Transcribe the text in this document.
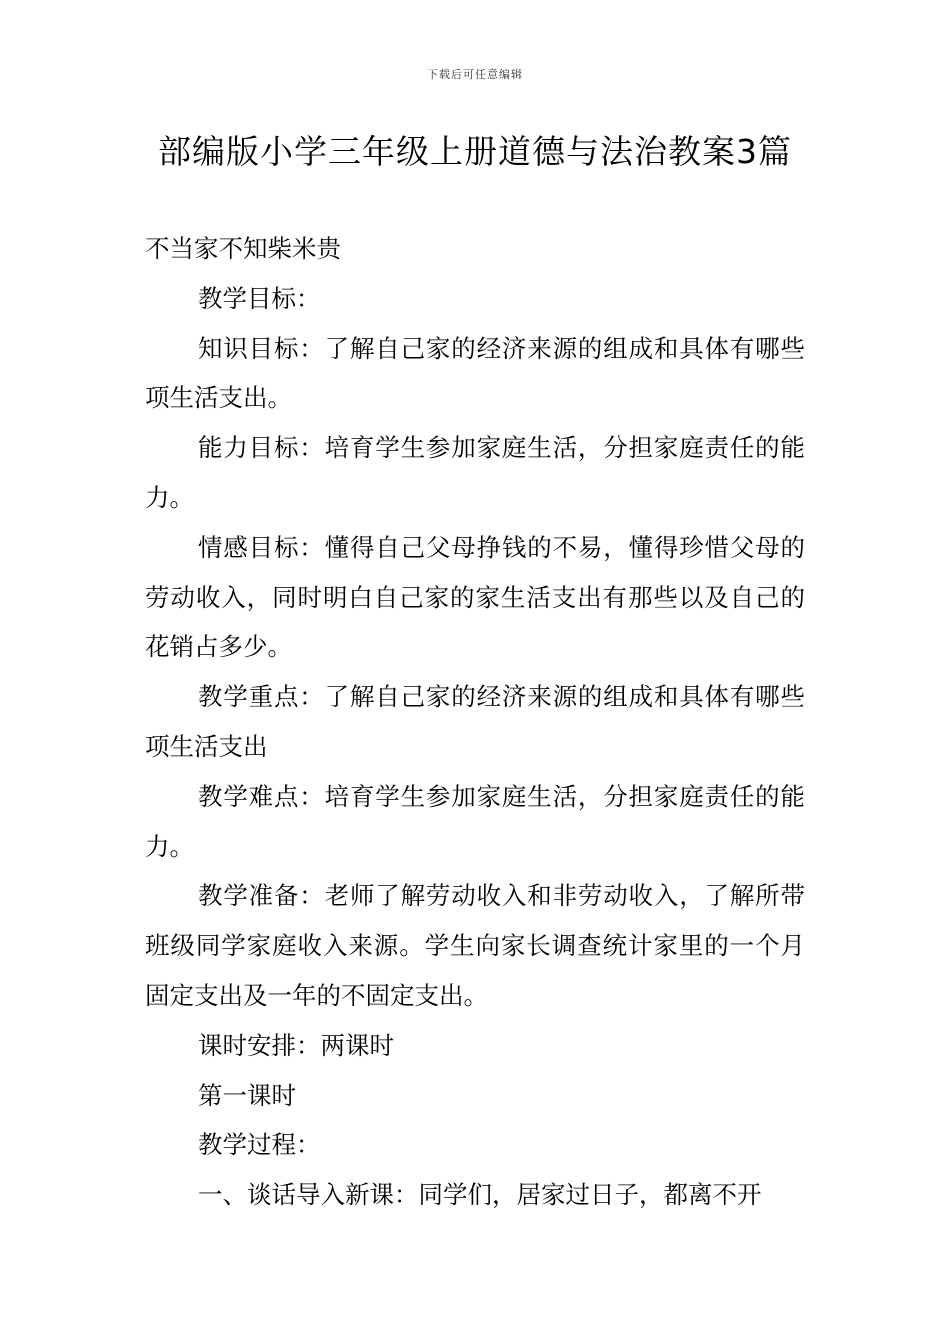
下载后可任意编辑
部编版小学三年级上册道德与法治教案3篇

不当家不知柴米贵

教学目标：

知识目标：了解自己家的经济来源的组成和具体有哪些项生活支出。

能力目标：培育学生参加家庭生活，分担家庭责任的能力。

情感目标：懂得自己父母挣钱的不易，懂得珍惜父母的劳动收入，同时明白自己家的家生活支出有那些以及自己的花销占多少。

教学重点：了解自己家的经济来源的组成和具体有哪些项生活支出

教学难点：培育学生参加家庭生活，分担家庭责任的能力。

教学准备：老师了解劳动收入和非劳动收入，了解所带班级同学家庭收入来源。学生向家长调查统计家里的一个月固定支出及一年的不固定支出。

课时安排：两课时

第一课时

教学过程：

一、谈话导入新课：同学们，居家过日子，都离不开
